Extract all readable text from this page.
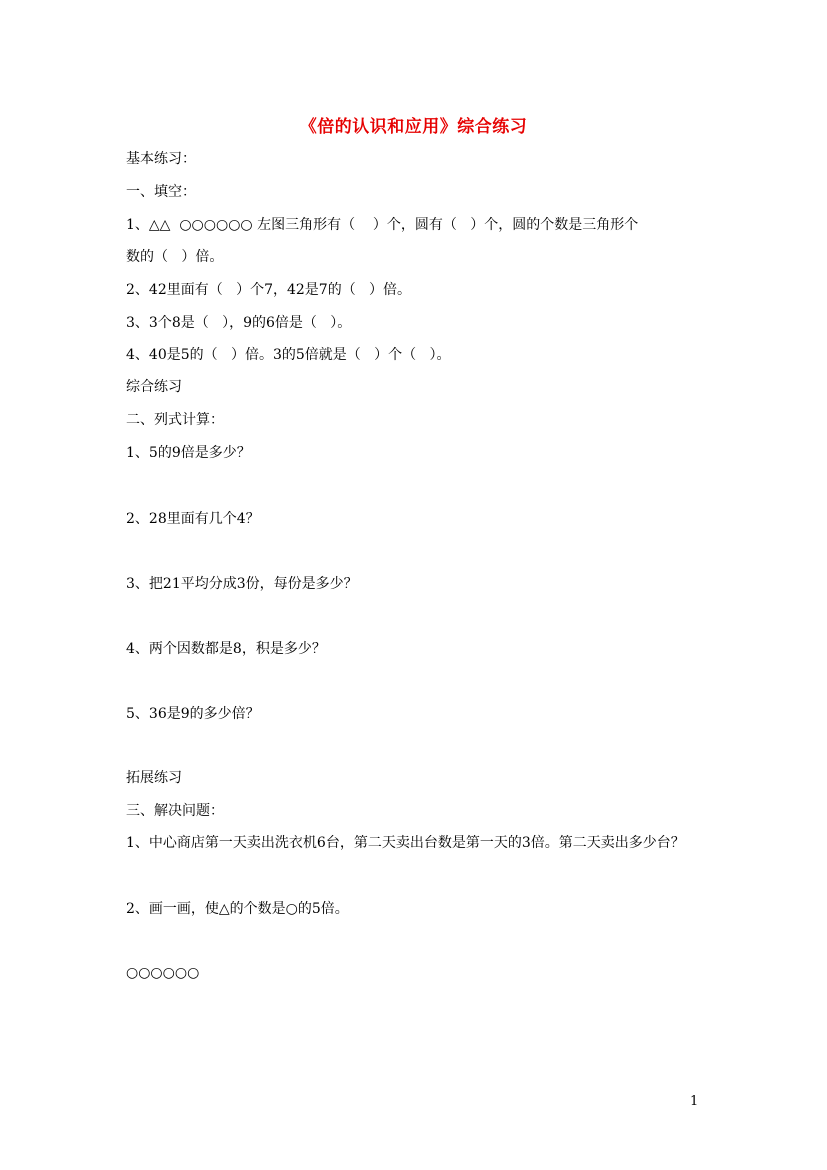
《倍的认识和应用》综合练习
基本练习：
一、填空：
1、△△  ○○○○○○ 左图三角形有（    ）个，圆有（   ）个，圆的个数是三角形个
数的（   ）倍。
2、42里面有（   ）个7，42是7的（   ）倍。
3、3个8是（   ），9的6倍是（   ）。
4、40是5的（   ）倍。3的5倍就是（   ）个（   ）。
综合练习
二、列式计算：
1、5的9倍是多少？
2、28里面有几个4？
3、把21平均分成3份，每份是多少？
4、两个因数都是8，积是多少？
5、36是9的多少倍？
拓展练习
三、解决问题：
1、中心商店第一天卖出洗衣机6台，第二天卖出台数是第一天的3倍。第二天卖出多少台？
2、画一画，使△的个数是○的5倍。
○○○○○○
1
